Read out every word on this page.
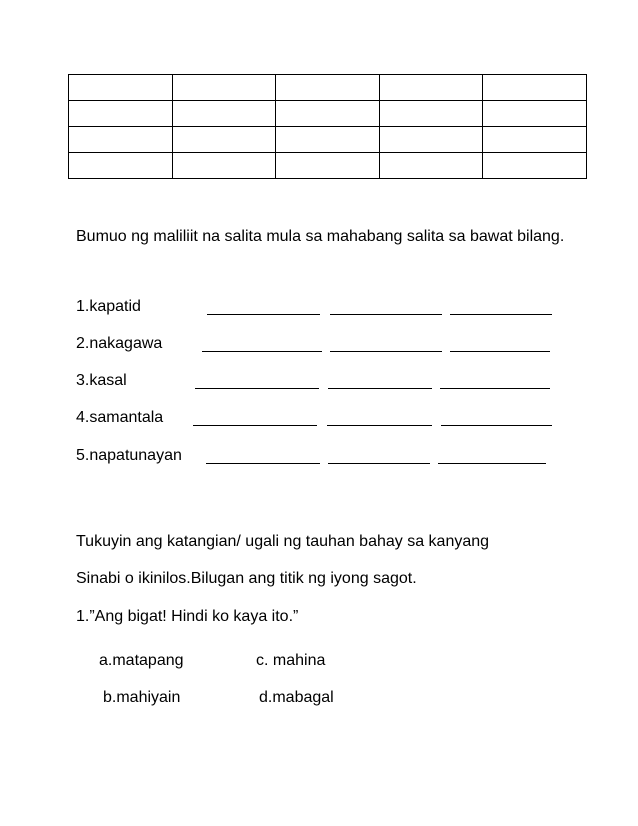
Bumuo ng maliliit na salita mula sa mahabang salita sa bawat bilang.
1.kapatid
2.nakagawa
3.kasal
4.samantala
5.napatunayan
Tukuyin ang katangian/ ugali ng tauhan bahay sa kanyang
Sinabi o ikinilos.Bilugan ang titik ng iyong sagot.
1.”Ang bigat! Hindi ko kaya ito.”
a.matapang	c. mahina
b.mahiyain	d.mabagal
